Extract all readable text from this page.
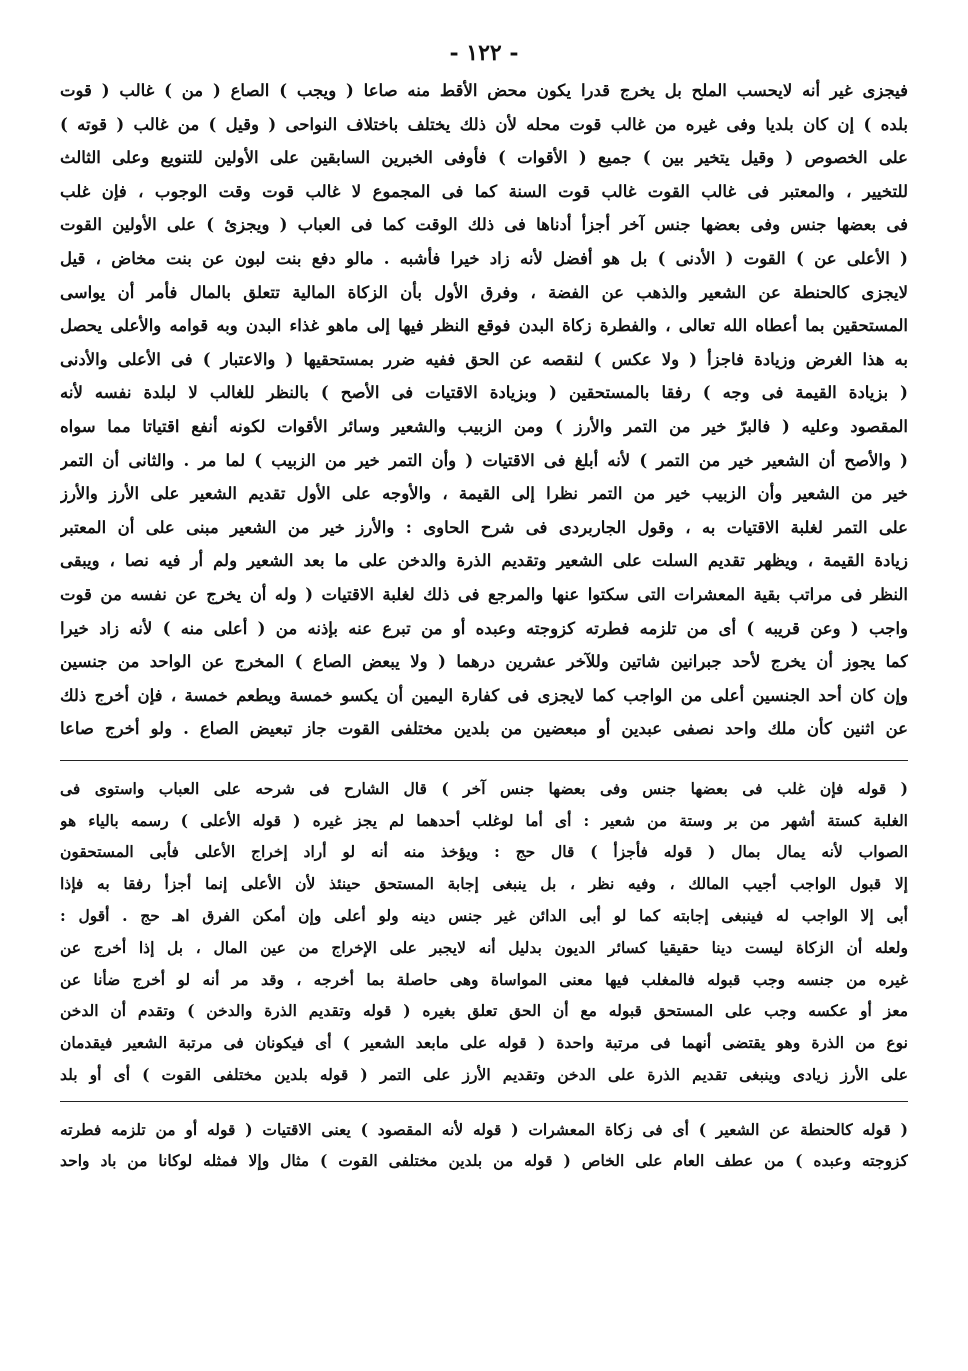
- ١٢٢ -

فيجزى غير أنه لايحسب الملح بل يخرج قدرا يكون محض الأقط منه صاعا ( ويجب ) الصاع ( من ) غالب ( قوت

بلده ) إن كان بلديا وفى غيره من غالب قوت محله لأن ذلك يختلف باختلاف النواحى ( وقيل ) من غالب ( قوته )

على الخصوص ( وقيل يتخير بين ) جميع ( الأقوات ) فأوفى الخبرين السابقين على الأولين للتنويع وعلى الثالث

للتخيير ، والمعتبر فى غالب القوت غالب قوت السنة كما فى المجموع لا غالب قوت وقت الوجوب ، فإن غلب

فى بعضها جنس وفى بعضها جنس آخر أجزأ أدناها فى ذلك الوقت كما فى العباب ( ويجزئ ) على الأولين القوت

( الأعلى عن ) القوت ( الأدنى ) بل هو أفضل لأنه زاد خيرا فأشبه . مالو دفع بنت لبون عن بنت مخاض ، قيل

لايجزى كالحنطة عن الشعير والذهب عن الفضة ، وفرق الأول بأن الزكاة المالية تتعلق بالمال فأمر أن يواسى

المستحقين بما أعطاه الله تعالى ، والفطرة زكاة البدن فوقع النظر فيها إلى ماهو غذاء البدن وبه قوامه والأعلى يحصل

به هذا الغرض وزيادة فاجزأ ( ولا عكس ) لنقصه عن الحق ففيه ضرر بمستحقيها ( والاعتبار ) فى الأعلى والأدنى

( بزيادة القيمة فى وجه ) رفقا بالمستحقين ( وبزيادة الاقتيات فى الأصح ) بالنظر للغالب لا لبلدة نفسه لأنه

المقصود وعليه ( فالبرّ خير من التمر والأرز ) ومن الزبيب والشعير وسائر الأقوات لكونه أنفع اقتياتا مما سواه

( والأصح أن الشعير خير من التمر ) لأنه أبلغ فى الاقتيات ( وأن التمر خير من الزبيب ) لما مر . والثانى أن التمر

خير من الشعير وأن الزبيب خير من التمر نظرا إلى القيمة ، والأوجه على الأول تقديم الشعير على الأرز والأرز

على التمر لغلبة الاقتيات به ، وقول الجاربردى فى شرح الحاوى : والأرز خير من الشعير مبنى على أن المعتبر

زيادة القيمة ، ويظهر تقديم السلت على الشعير وتقديم الذرة والدخن على ما بعد الشعير ولم أر فيه نصا ، ويبقى

النظر فى مراتب بقية المعشرات التى سكتوا عنها والمرجع فى ذلك لغلبة الاقتيات ( وله أن يخرج عن نفسه من قوت

واجب ( وعن قريبه ) أى من تلزمه فطرته كزوجته وعبده أو من تبرع عنه بإذنه من ( أعلى منه ) لأنه زاد خيرا

كما يجوز أن يخرج لأحد جبرانين شاتين وللآخر عشرين درهما ( ولا يبعض الصاع ) المخرج عن الواحد من جنسين

وإن كان أحد الجنسين أعلى من الواجب كما لايجزى فى كفارة اليمين أن يكسو خمسة ويطعم خمسة ، فإن أخرج ذلك

عن اثنين كأن ملك واحد نصفى عبدين أو مبعضين من بلدين مختلفى القوت جاز تبعيض الصاع . ولو أخرج صاعا

( قوله فإن غلب فى بعضها جنس وفى بعضها جنس آخر ) قال الشارح فى شرحه على العباب واستوى فى

الغلبة كستة أشهر من بر وستة من شعير : أى أما لوغلب أحدهما لم يجز غيره ( قوله الأعلى ) رسمه بالياء هو

الصواب لأنه يمال بمال ( قوله فأجزأ ) قال حج : ويؤخذ منه أنه لو أراد إخراج الأعلى فأبى المستحقون

إلا قبول الواجب أجيب المالك ، وفيه نظر ، بل ينبغى إجابة المستحق حينئذ لأن الأعلى إنما أجزأ رفقا به فإذا

أبى إلا الواجب له فينبغى إجابته كما لو أبى الدائن غير جنس دينه ولو أعلى وإن أمكن الفرق اهـ حج . أقول :

ولعله أن الزكاة ليست دينا حقيقيا كسائر الديون بدليل أنه لايجبر على الإخراج من عين المال ، بل إذا أخرج عن

غيره من جنسه وجب قبوله فالمغلب فيها معنى المواساة وهى حاصلة بما أخرجه ، وقد مر أنه لو أخرج ضأنا عن

معز أو عكسه وجب على المستحق قبوله مع أن الحق تعلق بغيره ( قوله وتقديم الذرة والدخن ) وتقدم أن الدخن

نوع من الذرة وهو يقتضى أنهما فى مرتبة واحدة ( قوله على مابعد الشعير ) أى فيكونان فى مرتبة الشعير فيقدمان

على الأرز زيادى وينبغى تقديم الذرة على الدخن وتقديم الأرز على التمر ( قوله بلدين مختلفى القوت ) أى أو بلد

( قوله كالحنطة عن الشعير ) أى فى زكاة المعشرات ( قوله لأنه المقصود ) يعنى الاقتيات ( قوله أو من تلزمه فطرته

كزوجته وعبده ) من عطف العام على الخاص ( قوله من بلدين مختلفى القوت ) مثال وإلا فمثله لوكانا من باد واحد
